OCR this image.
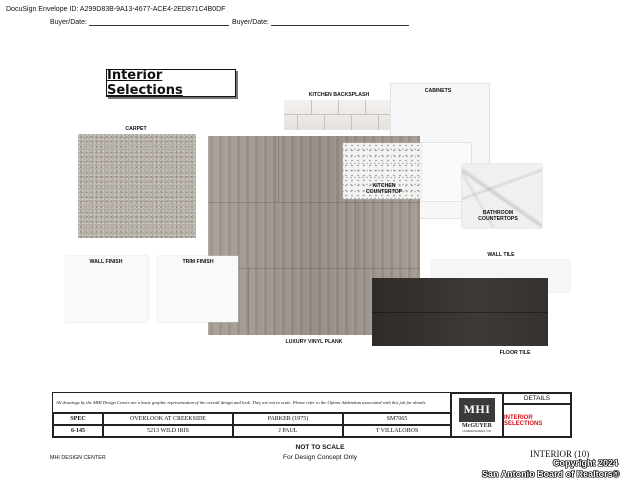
DocuSign Envelope ID: A299D83B-9A13-4677-ACE4-2ED871C4B0DF
Buyer/Date:	Buyer/Date:
Interior Selections	KITCHEN BACKSPLASH
CABINETS
CARPET
LUXURY VINYL PLANK
KITCHEN
COUNTERTOP
BATHROOM
COUNTERTOPS
WALL FINISH	TRIM FINISH
WALL TILE
FLOOR TILE
All drawings by the MHI Design Center are a basic graphic representation of the overall design and look. They are not to scale. Please refer to the Option Addendum associated with this job for details.
SPEC	OVERLOOK AT CREEKSIDE	PARKER (1975)	SM7065
6-145	5213 WILD IRIS	J PAUL	T VILLALOBOS
MHI
McGUYER
HOMEBUILDERS, INC
DETAILS
INTERIOR SELECTIONS
NOT TO SCALE
For Design Concept Only
MHI DESIGN CENTER	INTERIOR (10)
Copyright 2024
San Antonio Board of Realtors®
